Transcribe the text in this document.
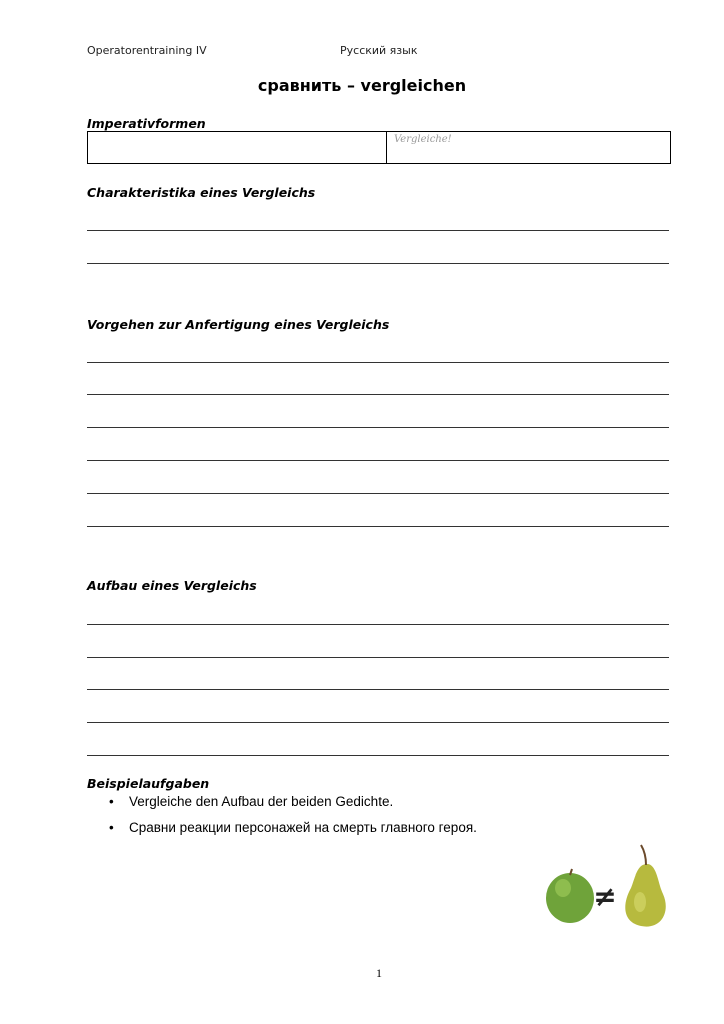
Operatorentraining IV	Русский язык
сравнить – vergleichen
Imperativformen
Vergleiche!
Charakteristika eines Vergleichs
Vorgehen zur Anfertigung eines Vergleichs
Aufbau eines Vergleichs
Beispielaufgaben
• Vergleiche den Aufbau der beiden Gedichte.
• Сравни реакции персонажей на смерть главного героя.
≠
1
